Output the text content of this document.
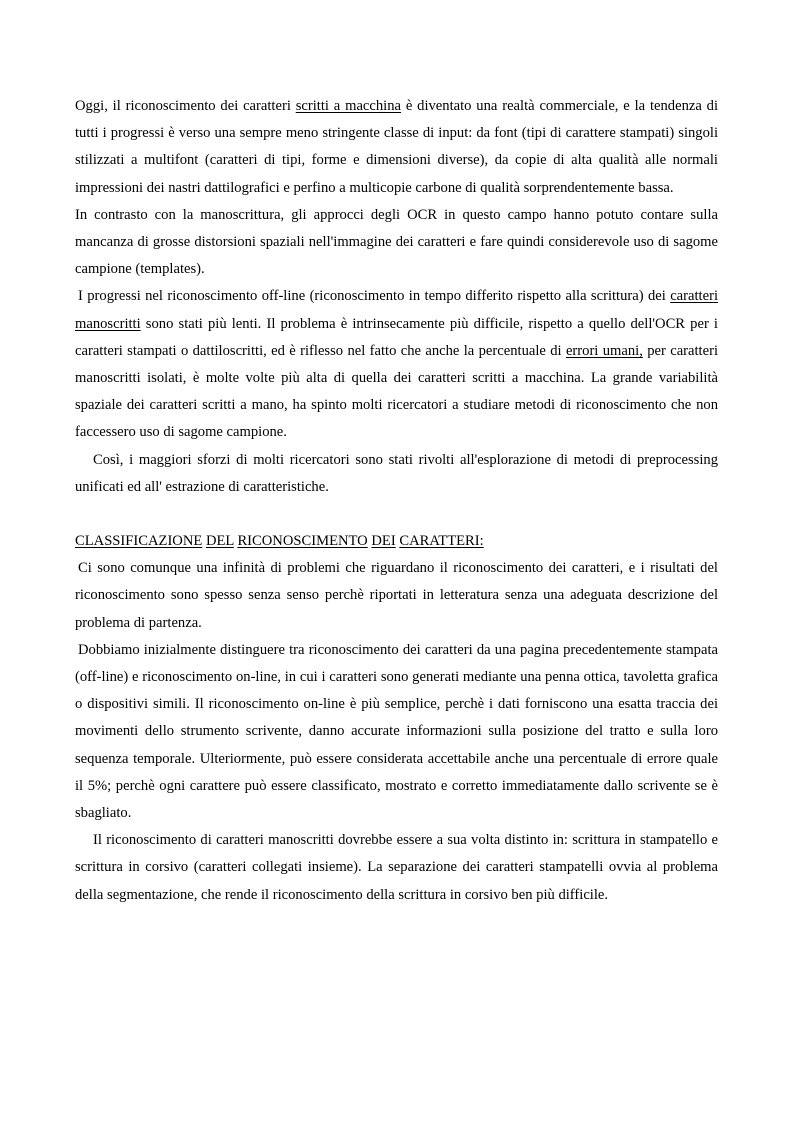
Oggi, il riconoscimento dei caratteri scritti a macchina è diventato una realtà commerciale, e la tendenza di tutti i progressi è verso una sempre meno stringente classe di input: da font (tipi di carattere stampati) singoli stilizzati a multifont (caratteri di tipi, forme e dimensioni diverse), da copie di alta qualità alle normali impressioni dei nastri dattilografici e perfino a multicopie carbone di qualità sorprendentemente bassa.

In contrasto con la manoscrittura, gli approcci degli OCR in questo campo hanno potuto contare sulla mancanza di grosse distorsioni spaziali nell'immagine dei caratteri e fare quindi considerevole uso di sagome campione (templates).

I progressi nel riconoscimento off-line (riconoscimento in tempo differito rispetto alla scrittura) dei caratteri manoscritti sono stati più lenti. Il problema è intrinsecamente più difficile, rispetto a quello dell'OCR per i caratteri stampati o dattiloscritti, ed è riflesso nel fatto che anche la percentuale di errori umani, per caratteri manoscritti isolati, è molte volte più alta di quella dei caratteri scritti a macchina. La grande variabilità spaziale dei caratteri scritti a mano, ha spinto molti ricercatori a studiare metodi di riconoscimento che non faccessero uso di sagome campione.

Così, i maggiori sforzi di molti ricercatori sono stati rivolti all'esplorazione di metodi di preprocessing unificati ed all' estrazione di caratteristiche.

CLASSIFICAZIONE DEL RICONOSCIMENTO DEI CARATTERI:

Ci sono comunque una infinità di problemi che riguardano il riconoscimento dei caratteri, e i risultati del riconoscimento sono spesso senza senso perchè riportati in letteratura senza una adeguata descrizione del problema di partenza.

Dobbiamo inizialmente distinguere tra riconoscimento dei caratteri da una pagina precedentemente stampata (off-line) e riconoscimento on-line, in cui i caratteri sono generati mediante una penna ottica, tavoletta grafica o dispositivi simili. Il riconoscimento on-line è più semplice, perchè i dati forniscono una esatta traccia dei movimenti dello strumento scrivente, danno accurate informazioni sulla posizione del tratto e sulla loro sequenza temporale. Ulteriormente, può essere considerata accettabile anche una percentuale di errore quale il 5%; perchè ogni carattere può essere classificato, mostrato e corretto immediatamente dallo scrivente se è sbagliato.

Il riconoscimento di caratteri manoscritti dovrebbe essere a sua volta distinto in: scrittura in stampatello e scrittura in corsivo (caratteri collegati insieme). La separazione dei caratteri stampatelli ovvia al problema della segmentazione, che rende il riconoscimento della scrittura in corsivo ben più difficile.
